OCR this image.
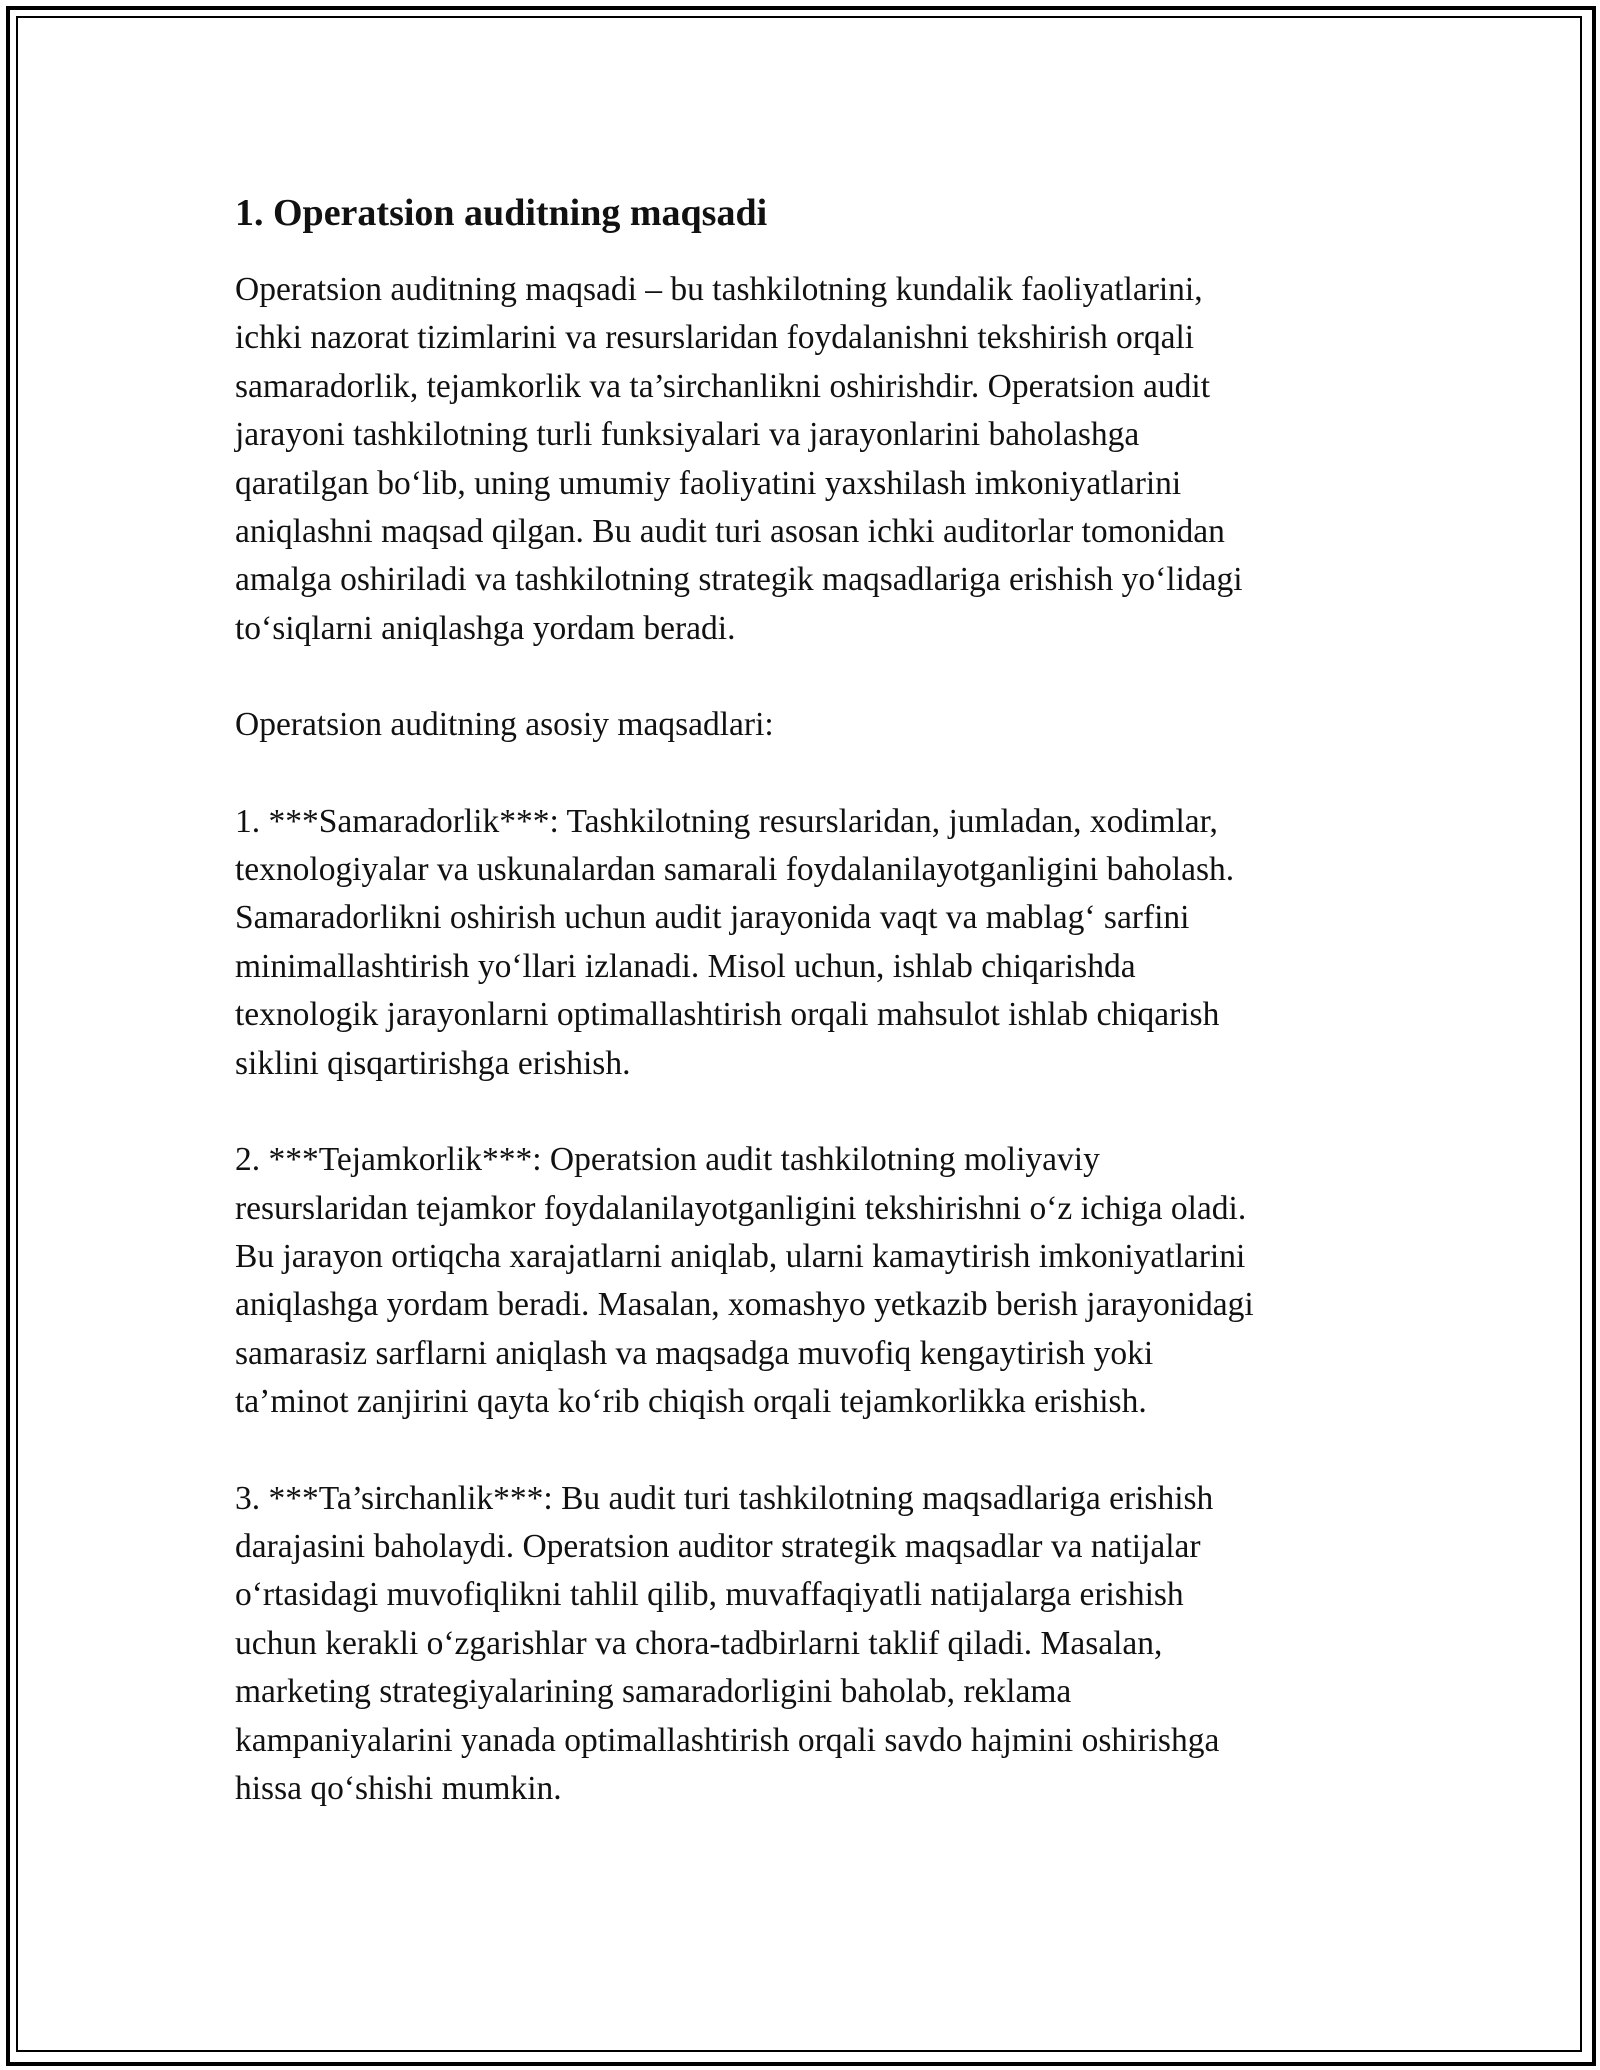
1. Operatsion auditning maqsadi

Operatsion auditning maqsadi – bu tashkilotning kundalik faoliyatlarini,
ichki nazorat tizimlarini va resurslaridan foydalanishni tekshirish orqali
samaradorlik, tejamkorlik va ta’sirchanlikni oshirishdir. Operatsion audit
jarayoni tashkilotning turli funksiyalari va jarayonlarini baholashga
qaratilgan bo‘lib, uning umumiy faoliyatini yaxshilash imkoniyatlarini
aniqlashni maqsad qilgan. Bu audit turi asosan ichki auditorlar tomonidan
amalga oshiriladi va tashkilotning strategik maqsadlariga erishish yo‘lidagi
to‘siqlarni aniqlashga yordam beradi.

Operatsion auditning asosiy maqsadlari:

1. ***Samaradorlik***: Tashkilotning resurslaridan, jumladan, xodimlar,
texnologiyalar va uskunalardan samarali foydalanilayotganligini baholash.
Samaradorlikni oshirish uchun audit jarayonida vaqt va mablag‘ sarfini
minimallashtirish yo‘llari izlanadi. Misol uchun, ishlab chiqarishda
texnologik jarayonlarni optimallashtirish orqali mahsulot ishlab chiqarish
siklini qisqartirishga erishish.

2. ***Tejamkorlik***: Operatsion audit tashkilotning moliyaviy
resurslaridan tejamkor foydalanilayotganligini tekshirishni o‘z ichiga oladi.
Bu jarayon ortiqcha xarajatlarni aniqlab, ularni kamaytirish imkoniyatlarini
aniqlashga yordam beradi. Masalan, xomashyo yetkazib berish jarayonidagi
samarasiz sarflarni aniqlash va maqsadga muvofiq kengaytirish yoki
ta’minot zanjirini qayta ko‘rib chiqish orqali tejamkorlikka erishish.

3. ***Ta’sirchanlik***: Bu audit turi tashkilotning maqsadlariga erishish
darajasini baholaydi. Operatsion auditor strategik maqsadlar va natijalar
o‘rtasidagi muvofiqlikni tahlil qilib, muvaffaqiyatli natijalarga erishish
uchun kerakli o‘zgarishlar va chora-tadbirlarni taklif qiladi. Masalan,
marketing strategiyalarining samaradorligini baholab, reklama
kampaniyalarini yanada optimallashtirish orqali savdo hajmini oshirishga
hissa qo‘shishi mumkin.
